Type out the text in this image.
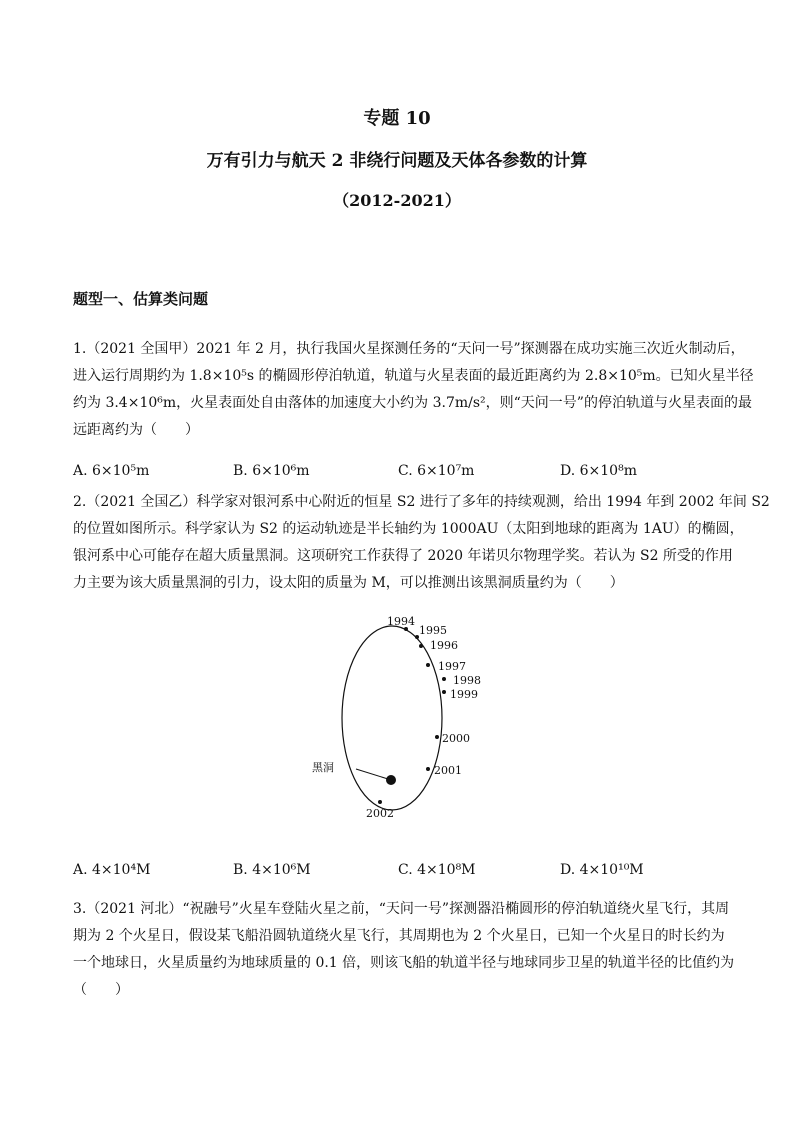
专题 10
万有引力与航天 2 非绕行问题及天体各参数的计算
（2012-2021）
题型一、估算类问题
1.（2021 全国甲）2021 年 2 月，执行我国火星探测任务的“天问一号”探测器在成功实施三次近火制动后，
进入运行周期约为 1.8×10⁵s 的椭圆形停泊轨道，轨道与火星表面的最近距离约为 2.8×10⁵m。已知火星半径
约为 3.4×10⁶m，火星表面处自由落体的加速度大小约为 3.7m/s²，则“天问一号”的停泊轨道与火星表面的最
远距离约为（　　）
A. 6×10⁵m	B. 6×10⁶m	C. 6×10⁷m	D. 6×10⁸m
2.（2021 全国乙）科学家对银河系中心附近的恒星 S2 进行了多年的持续观测，给出 1994 年到 2002 年间 S2
的位置如图所示。科学家认为 S2 的运动轨迹是半长轴约为 1000AU（太阳到地球的距离为 1AU）的椭圆，
银河系中心可能存在超大质量黑洞。这项研究工作获得了 2020 年诺贝尔物理学奖。若认为 S2 所受的作用
力主要为该大质量黑洞的引力，设太阳的质量为 M，可以推测出该黑洞质量约为（　　）
黑洞
1994
1995
1996
1997
1998
1999
2000
2001
2002
A. 4×10⁴M	B. 4×10⁶M	C. 4×10⁸M	D. 4×10¹⁰M
3.（2021 河北）“祝融号”火星车登陆火星之前，“天问一号”探测器沿椭圆形的停泊轨道绕火星飞行，其周
期为 2 个火星日，假设某飞船沿圆轨道绕火星飞行，其周期也为 2 个火星日，已知一个火星日的时长约为
一个地球日，火星质量约为地球质量的 0.1 倍，则该飞船的轨道半径与地球同步卫星的轨道半径的比值约为
（　　）
